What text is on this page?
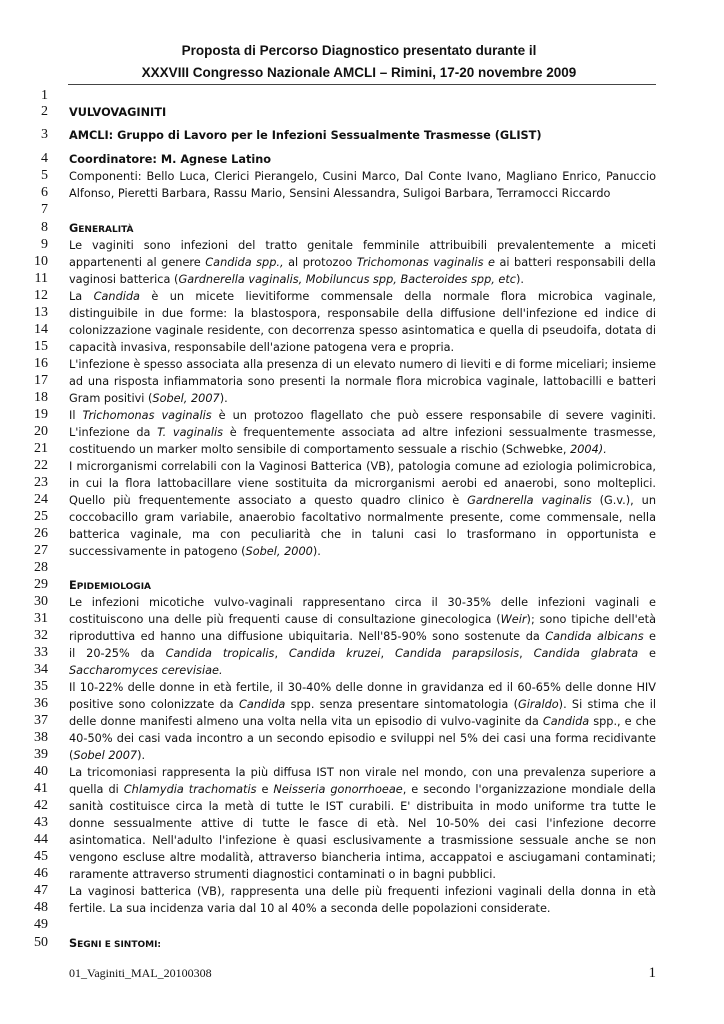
Proposta di Percorso Diagnostico presentato durante il
XXXVIII Congresso Nazionale AMCLI – Rimini, 17-20 novembre 2009
1
2
3
4
5
6
7
8
9
10
11
12
13
14
15
16
17
18
19
20
21
22
23
24
25
26
27
28
29
30
31
32
33
34
35
36
37
38
39
40
41
42
43
44
45
46
47
48
49
50
VULVOVAGINITI
AMCLI: Gruppo di Lavoro per le Infezioni Sessualmente Trasmesse (GLIST)
Coordinatore: M. Agnese Latino
Componenti: Bello Luca, Clerici Pierangelo, Cusini Marco, Dal Conte Ivano, Magliano Enrico, Panuccio
Alfonso, Pieretti Barbara, Rassu Mario, Sensini Alessandra, Suligoi Barbara, Terramocci Riccardo
GENERALITÀ
Le vaginiti sono infezioni del tratto genitale femminile attribuibili prevalentemente a miceti
appartenenti al genere Candida spp., al protozoo Trichomonas vaginalis e ai batteri responsabili della
vaginosi batterica (Gardnerella vaginalis, Mobiluncus spp, Bacteroides spp, etc).
La Candida è un micete lievitiforme commensale della normale flora microbica vaginale,
distinguibile in due forme: la blastospora, responsabile della diffusione dell'infezione ed indice di
colonizzazione vaginale residente, con decorrenza spesso asintomatica e quella di pseudoifa, dotata di
capacità invasiva, responsabile dell'azione patogena vera e propria.
L'infezione è spesso associata alla presenza di un elevato numero di lieviti e di forme miceliari; insieme
ad una risposta infiammatoria sono presenti la normale flora microbica vaginale, lattobacilli e batteri
Gram positivi (Sobel, 2007).
Il Trichomonas vaginalis è un protozoo flagellato che può essere responsabile di severe vaginiti.
L'infezione da T. vaginalis è frequentemente associata ad altre infezioni sessualmente trasmesse,
costituendo un marker molto sensibile di comportamento sessuale a rischio (Schwebke, 2004).
I microrganismi correlabili con la Vaginosi Batterica (VB), patologia comune ad eziologia polimicrobica,
in cui la flora lattobacillare viene sostituita da microrganismi aerobi ed anaerobi, sono molteplici.
Quello più frequentemente associato a questo quadro clinico è Gardnerella vaginalis (G.v.), un
coccobacillo gram variabile, anaerobio facoltativo normalmente presente, come commensale, nella
batterica vaginale, ma con peculiarità che in taluni casi lo trasformano in opportunista e
successivamente in patogeno (Sobel, 2000).
EPIDEMIOLOGIA
Le infezioni micotiche vulvo-vaginali rappresentano circa il 30-35% delle infezioni vaginali e
costituiscono una delle più frequenti cause di consultazione ginecologica (Weir); sono tipiche dell'età
riproduttiva ed hanno una diffusione ubiquitaria. Nell'85-90% sono sostenute da Candida albicans e
il 20-25% da Candida tropicalis, Candida kruzei, Candida parapsilosis, Candida glabrata e
Saccharomyces cerevisiae.
Il 10-22% delle donne in età fertile, il 30-40% delle donne in gravidanza ed il 60-65% delle donne HIV
positive sono colonizzate da Candida spp. senza presentare sintomatologia (Giraldo). Si stima che il
delle donne manifesti almeno una volta nella vita un episodio di vulvo-vaginite da Candida spp., e che
40-50% dei casi vada incontro a un secondo episodio e sviluppi nel 5% dei casi una forma recidivante
(Sobel 2007).
La tricomoniasi rappresenta la più diffusa IST non virale nel mondo, con una prevalenza superiore a
quella di Chlamydia trachomatis e Neisseria gonorrhoeae, e secondo l'organizzazione mondiale della
sanità costituisce circa la metà di tutte le IST curabili. E' distribuita in modo uniforme tra tutte le
donne sessualmente attive di tutte le fasce di età. Nel 10-50% dei casi l'infezione decorre
asintomatica. Nell'adulto l'infezione è quasi esclusivamente a trasmissione sessuale anche se non
vengono escluse altre modalità, attraverso biancheria intima, accappatoi e asciugamani contaminati;
raramente attraverso strumenti diagnostici contaminati o in bagni pubblici.
La vaginosi batterica (VB), rappresenta una delle più frequenti infezioni vaginali della donna in età
fertile. La sua incidenza varia dal 10 al 40% a seconda delle popolazioni considerate.
SEGNI E SINTOMI:
01_Vaginiti_MAL_20100308	1
